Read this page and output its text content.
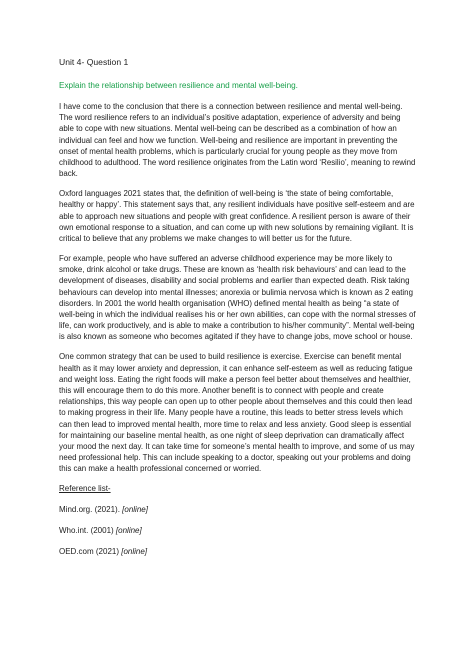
Unit 4- Question 1

Explain the relationship between resilience and mental well-being.

I have come to the conclusion that there is a connection between resilience and mental well-being. The word resilience refers to an individual’s positive adaptation, experience of adversity and being able to cope with new situations. Mental well-being can be described as a combination of how an individual can feel and how we function. Well-being and resilience are important in preventing the onset of mental health problems, which is particularly crucial for young people as they move from childhood to adulthood. The word resilience originates from the Latin word ‘Resilio’, meaning to rewind back.

Oxford languages 2021 states that, the definition of well-being is ‘the state of being comfortable, healthy or happy’. This statement says that, any resilient individuals have positive self-esteem and are able to approach new situations and people with great confidence. A resilient person is aware of their own emotional response to a situation, and can come up with new solutions by remaining vigilant. It is critical to believe that any problems we make changes to will better us for the future.

For example, people who have suffered an adverse childhood experience may be more likely to smoke, drink alcohol or take drugs. These are known as ‘health risk behaviours’ and can lead to the development of diseases, disability and social problems and earlier than expected death. Risk taking behaviours can develop into mental illnesses; anorexia or bulimia nervosa which is known as 2 eating disorders. In 2001 the world health organisation (WHO) defined mental health as being “a state of well-being in which the individual realises his or her own abilities, can cope with the normal stresses of life, can work productively, and is able to make a contribution to his/her community”. Mental well-being is also known as someone who becomes agitated if they have to change jobs, move school or house.

One common strategy that can be used to build resilience is exercise. Exercise can benefit mental health as it may lower anxiety and depression, it can enhance self-esteem as well as reducing fatigue and weight loss. Eating the right foods will make a person feel better about themselves and healthier, this will encourage them to do this more. Another benefit is to connect with people and create relationships, this way people can open up to other people about themselves and this could then lead to making progress in their life. Many people have a routine, this leads to better stress levels which can then lead to improved mental health, more time to relax and less anxiety. Good sleep is essential for maintaining our baseline mental health, as one night of sleep deprivation can dramatically affect your mood the next day. It can take time for someone’s mental health to improve, and some of us may need professional help. This can include speaking to a doctor, speaking out your problems and doing this can make a health professional concerned or worried.

Reference list-

Mind.org. (2021). [online]

Who.int. (2001) [online]

OED.com (2021) [online]
